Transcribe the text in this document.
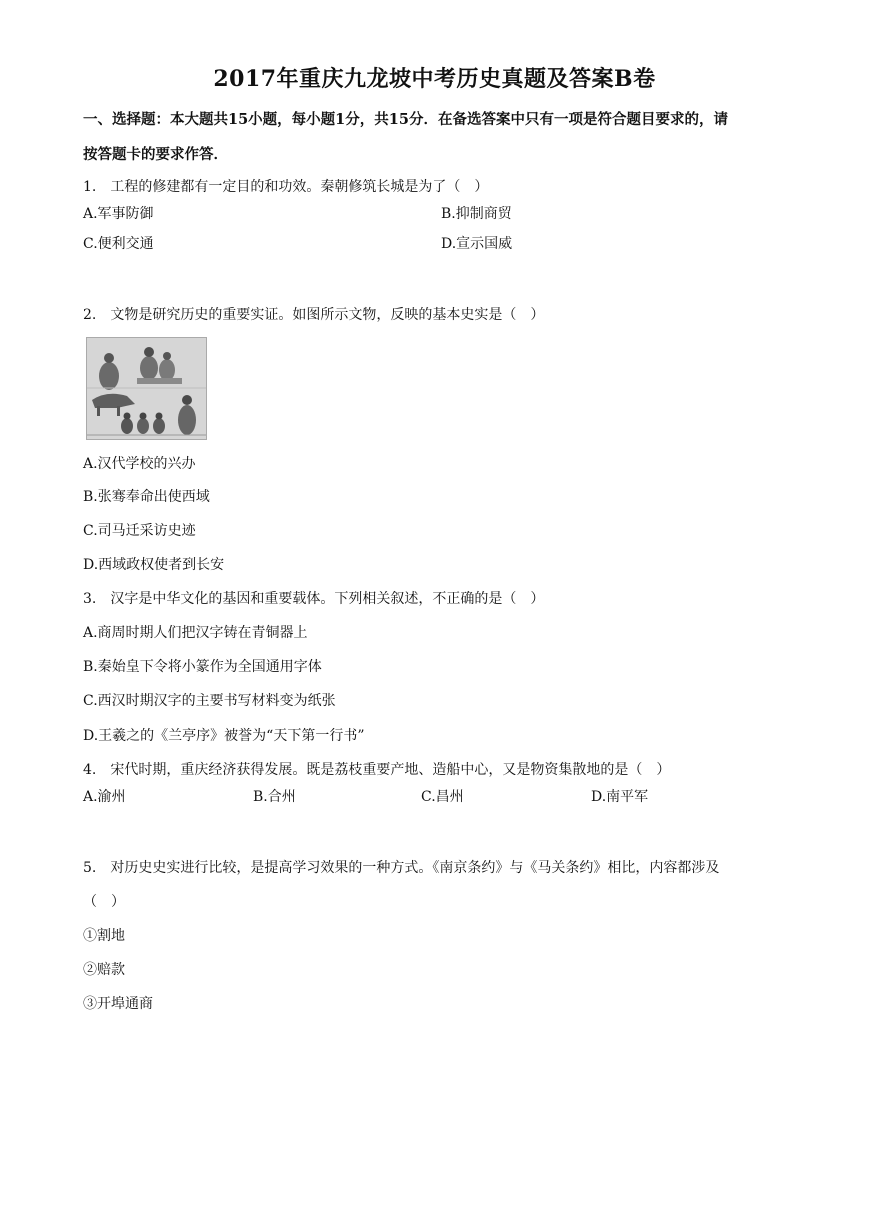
2017年重庆九龙坡中考历史真题及答案B卷
一、选择题：本大题共15小题，每小题1分，共15分．在备选答案中只有一项是符合题目要求的，请
按答题卡的要求作答．
1.　工程的修建都有一定目的和功效。秦朝修筑长城是为了（　）
A.军事防御	B.抑制商贸
C.便利交通	D.宣示国威
2.　文物是研究历史的重要实证。如图所示文物，反映的基本史实是（　）
A.汉代学校的兴办
B.张骞奉命出使西域
C.司马迁采访史迹
D.西域政权使者到长安
3.　汉字是中华文化的基因和重要载体。下列相关叙述，不正确的是（　）
A.商周时期人们把汉字铸在青铜器上
B.秦始皇下令将小篆作为全国通用字体
C.西汉时期汉字的主要书写材料变为纸张
D.王羲之的《兰亭序》被誉为“天下第一行书”
4.　宋代时期，重庆经济获得发展。既是荔枝重要产地、造船中心，又是物资集散地的是（　）
A.渝州	B.合州	C.昌州	D.南平军
5.　对历史史实进行比较，是提高学习效果的一种方式。《南京条约》与《马关条约》相比，内容都涉及
（　）
①割地
②赔款
③开埠通商
